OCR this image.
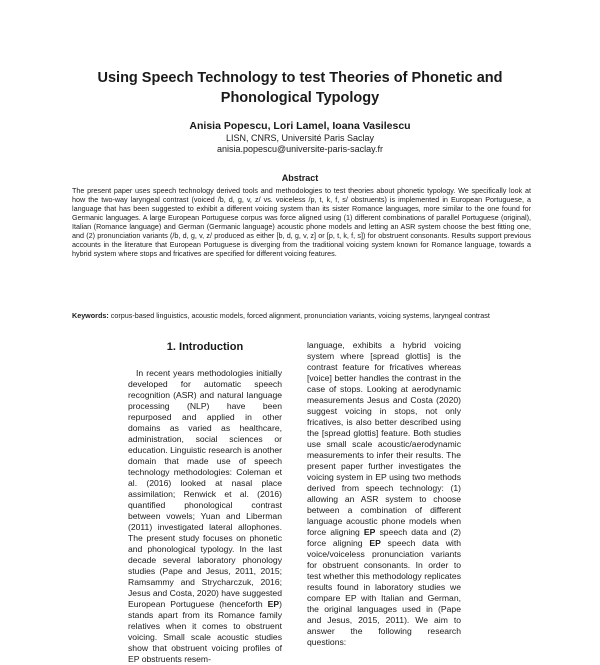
Using Speech Technology to test Theories of Phonetic and
Phonological Typology
Anisia Popescu, Lori Lamel, Ioana Vasilescu
LISN, CNRS, Université Paris Saclay
anisia.popescu@universite-paris-saclay.fr
Abstract
The present paper uses speech technology derived tools and methodologies to test theories about phonetic typology. We specifically look at how the two-way laryngeal contrast (voiced /b, d, g, v, z/ vs. voiceless /p, t, k, f, s/ obstruents) is implemented in European Portuguese, a language that has been suggested to exhibit a different voicing system than its sister Romance languages, more similar to the one found for Germanic languages. A large European Portuguese corpus was force aligned using (1) different combinations of parallel Portuguese (original), Italian (Romance language) and German (Germanic language) acoustic phone models and letting an ASR system choose the best fitting one, and (2) pronunciation variants (/b, d, g, v, z/ produced as either [b, d, g, v, z] or [p, t, k, f, s]) for obstruent consonants. Results support previous accounts in the literature that European Portuguese is diverging from the traditional voicing system known for Romance language, towards a hybrid system where stops and fricatives are specified for different voicing features.
Keywords: corpus-based linguistics, acoustic models, forced alignment, pronunciation variants, voicing systems, laryngeal contrast
1. Introduction

In recent years methodologies initially developed for automatic speech recognition (ASR) and natural language processing (NLP) have been repurposed and applied in other domains as varied as healthcare, administration, social sciences or education. Linguistic research is another domain that made use of speech technology methodologies: Coleman et al. (2016) looked at nasal place assimilation; Renwick et al. (2016) quantified phonological contrast between vowels; Yuan and Liberman (2011) investigated lateral allophones. The present study focuses on phonetic and phonological typology. In the last decade several laboratory phonology studies (Pape and Jesus, 2011, 2015; Ramsammy and Strycharczuk, 2016; Jesus and Costa, 2020) have suggested European Portuguese (henceforth EP) stands apart from its Romance family relatives when it comes to obstruent voicing. Small scale acoustic studies show that obstruent voicing profiles of EP obstruents resem-

language, exhibits a hybrid voicing system where [spread glottis] is the contrast feature for fricatives whereas [voice] better handles the contrast in the case of stops. Looking at aerodynamic measurements Jesus and Costa (2020) suggest voicing in stops, not only fricatives, is also better described using the [spread glottis] feature. Both studies use small scale acoustic/aerodynamic measurements to infer their results. The present paper further investigates the voicing system in EP using two methods derived from speech technology: (1) allowing an ASR system to choose between a combination of different language acoustic phone models when force aligning EP speech data and (2) force aligning EP speech data with voice/voiceless pronunciation variants for obstruent consonants. In order to test whether this methodology replicates results found in laboratory studies we compare EP with Italian and German, the original languages used in (Pape and Jesus, 2015, 2011). We aim to answer the following research questions:
